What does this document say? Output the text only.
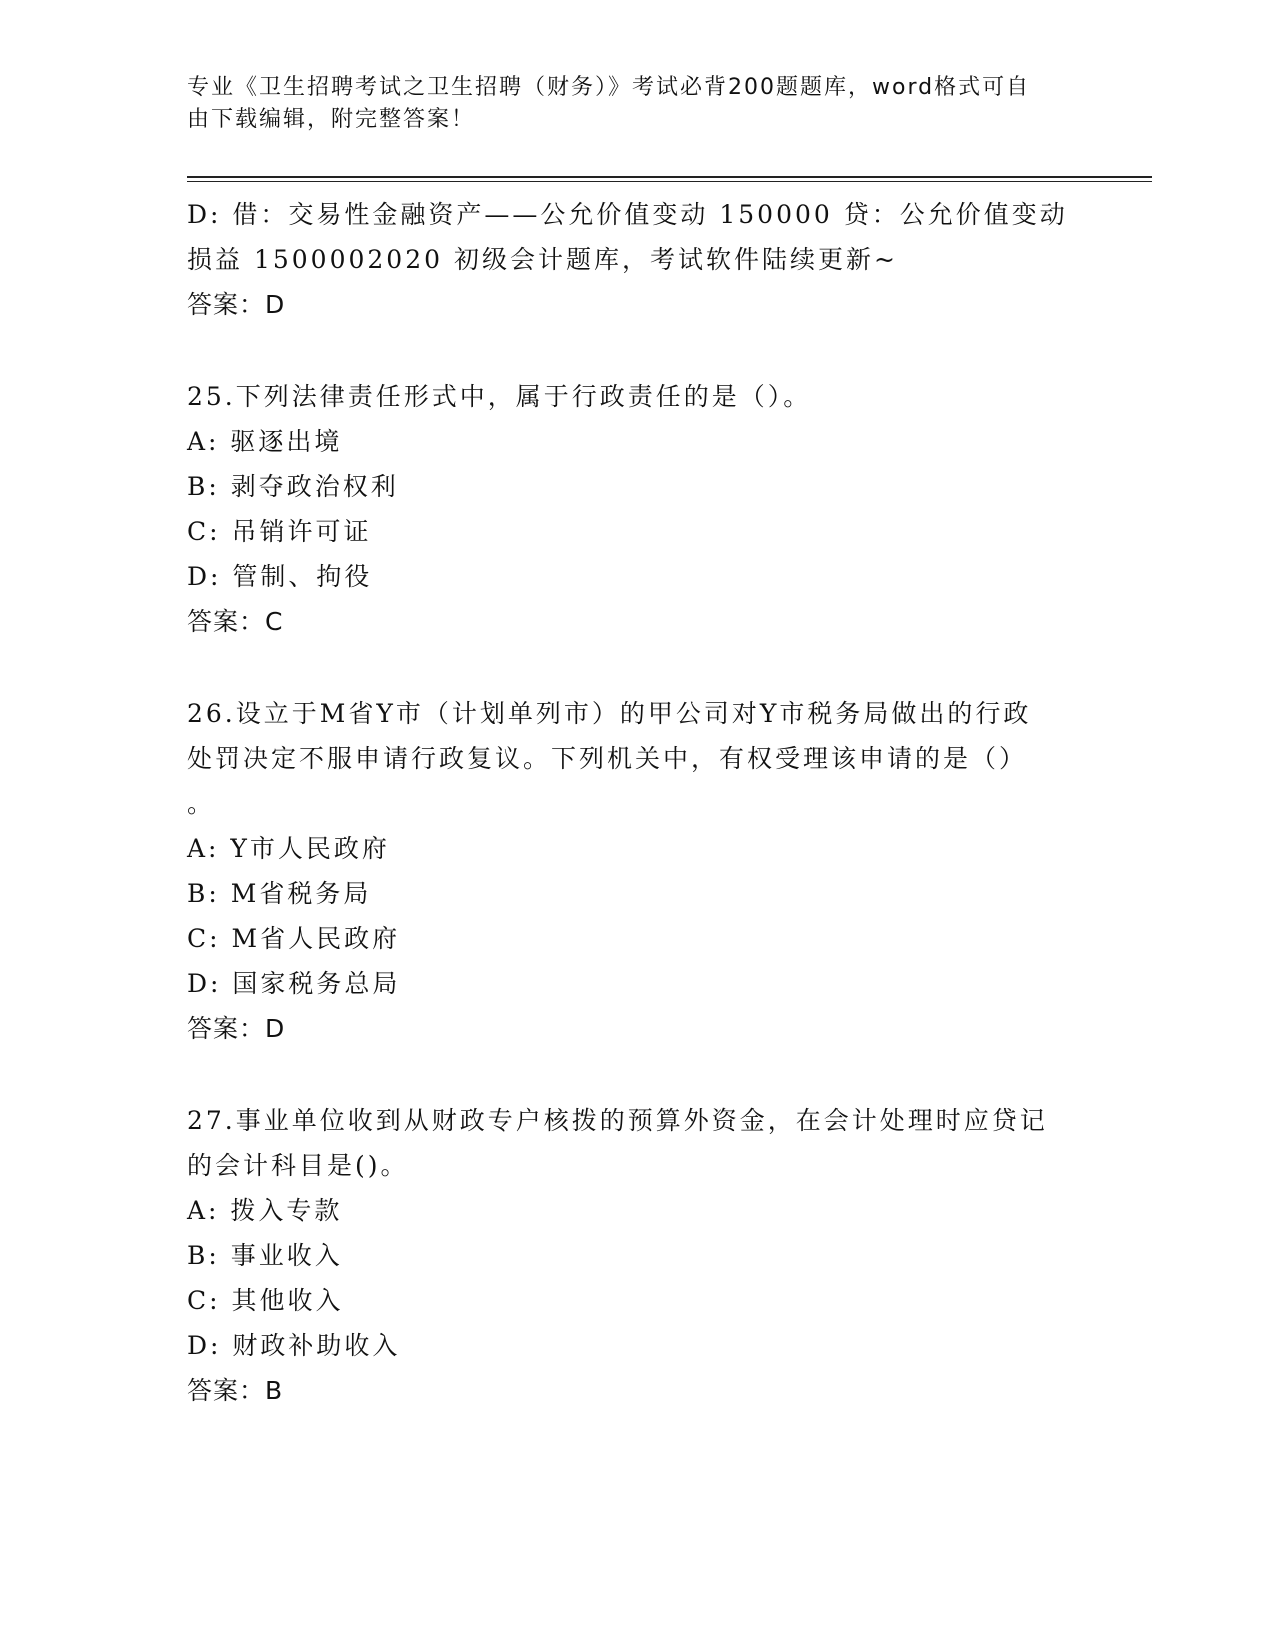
专业《卫生招聘考试之卫生招聘（财务）》考试必背200题题库，word格式可自
由下载编辑，附完整答案！
D: 借：交易性金融资产——公允价值变动 150000 贷：公允价值变动
损益 1500002020 初级会计题库，考试软件陆续更新~
答案：D
25.下列法律责任形式中，属于行政责任的是（）。
A: 驱逐出境
B: 剥夺政治权利
C: 吊销许可证
D: 管制、拘役
答案：C
26.设立于M省Y市（计划单列市）的甲公司对Y市税务局做出的行政
处罚决定不服申请行政复议。下列机关中，有权受理该申请的是（）
。
A: Y市人民政府
B: M省税务局
C: M省人民政府
D: 国家税务总局
答案：D
27.事业单位收到从财政专户核拨的预算外资金，在会计处理时应贷记
的会计科目是()。
A: 拨入专款
B: 事业收入
C: 其他收入
D: 财政补助收入
答案：B
